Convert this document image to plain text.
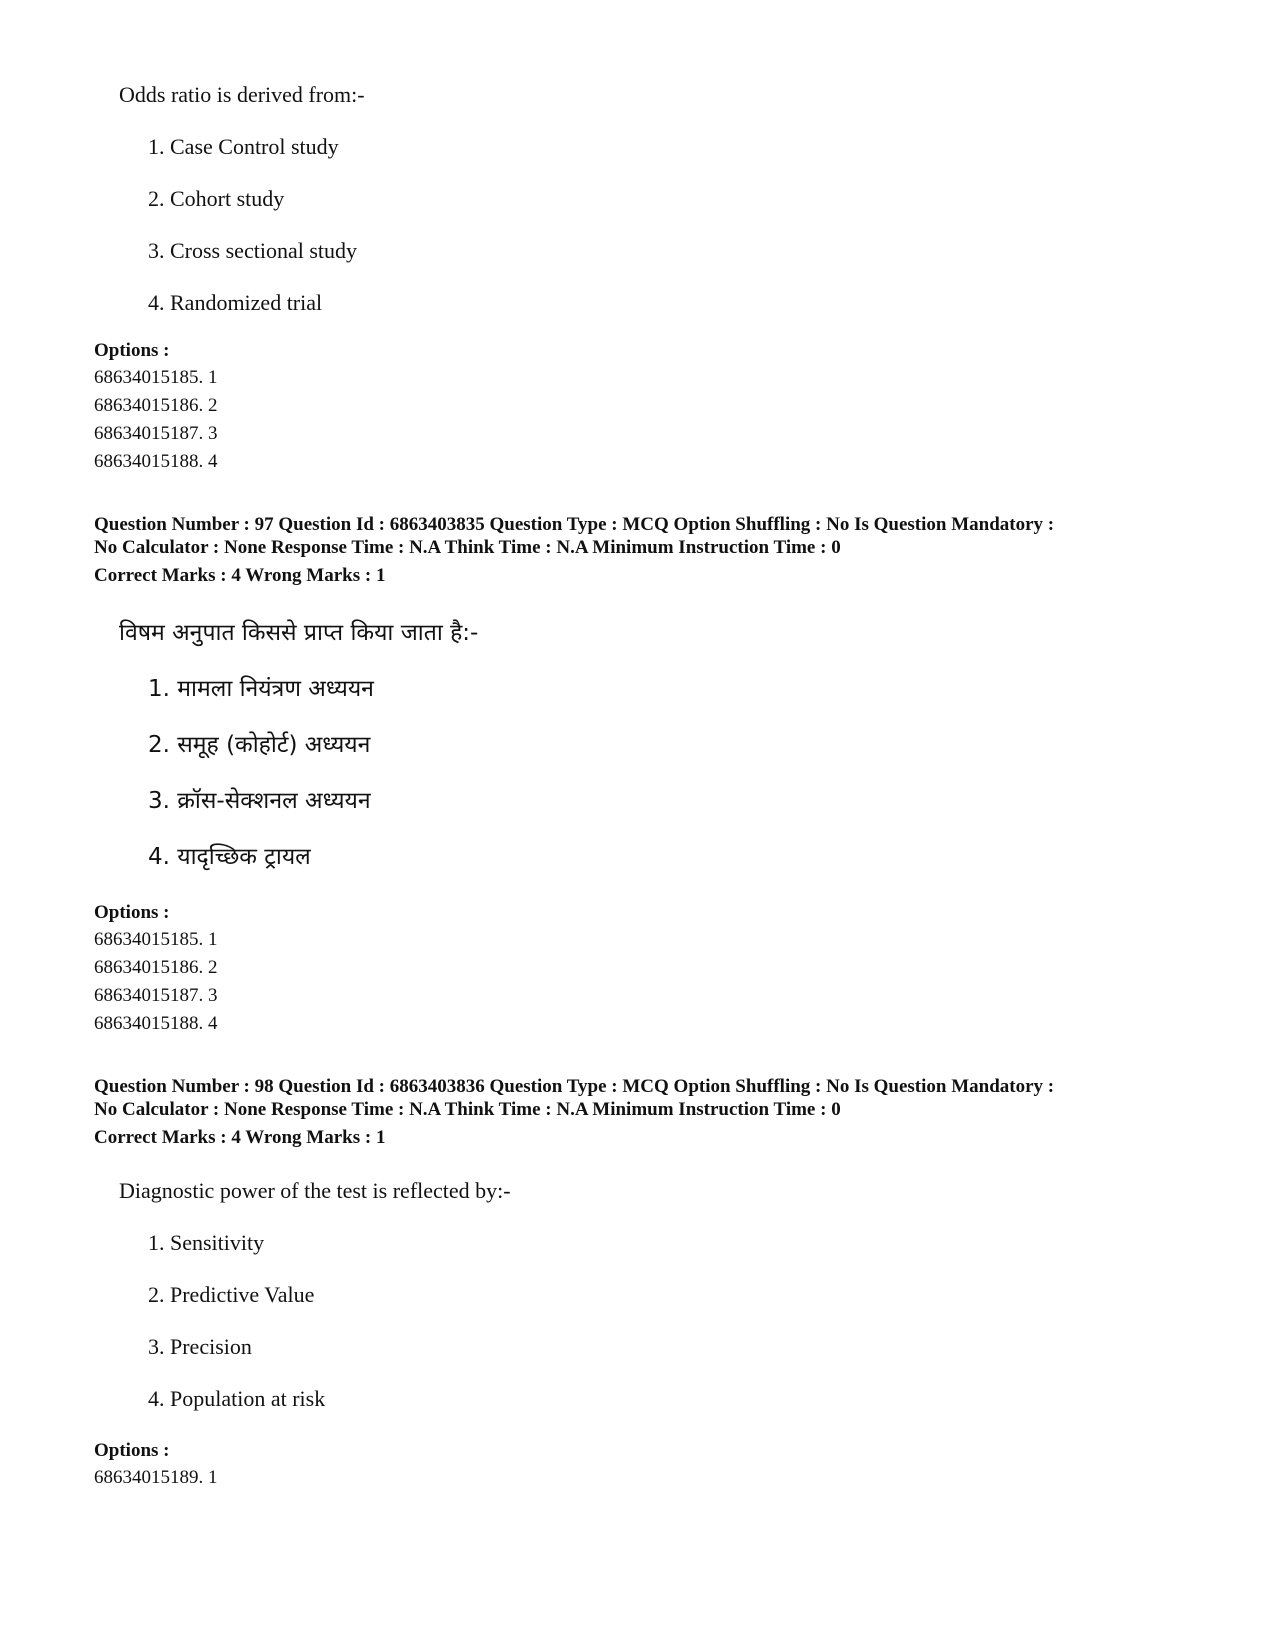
Odds ratio is derived from:-
1. Case Control study
2. Cohort study
3. Cross sectional study
4. Randomized trial
Options :
68634015185. 1
68634015186. 2
68634015187. 3
68634015188. 4
Question Number : 97 Question Id : 6863403835 Question Type : MCQ Option Shuffling : No Is Question Mandatory :
No Calculator : None Response Time : N.A Think Time : N.A Minimum Instruction Time : 0
Correct Marks : 4 Wrong Marks : 1
विषम अनुपात किससे प्राप्त किया जाता है:-
1. मामला नियंत्रण अध्ययन
2. समूह (कोहोर्ट) अध्ययन
3. क्रॉस-सेक्शनल अध्ययन
4. यादृच्छिक ट्रायल
Options :
68634015185. 1
68634015186. 2
68634015187. 3
68634015188. 4
Question Number : 98 Question Id : 6863403836 Question Type : MCQ Option Shuffling : No Is Question Mandatory :
No Calculator : None Response Time : N.A Think Time : N.A Minimum Instruction Time : 0
Correct Marks : 4 Wrong Marks : 1
Diagnostic power of the test is reflected by:-
1. Sensitivity
2. Predictive Value
3. Precision
4. Population at risk
Options :
68634015189. 1
